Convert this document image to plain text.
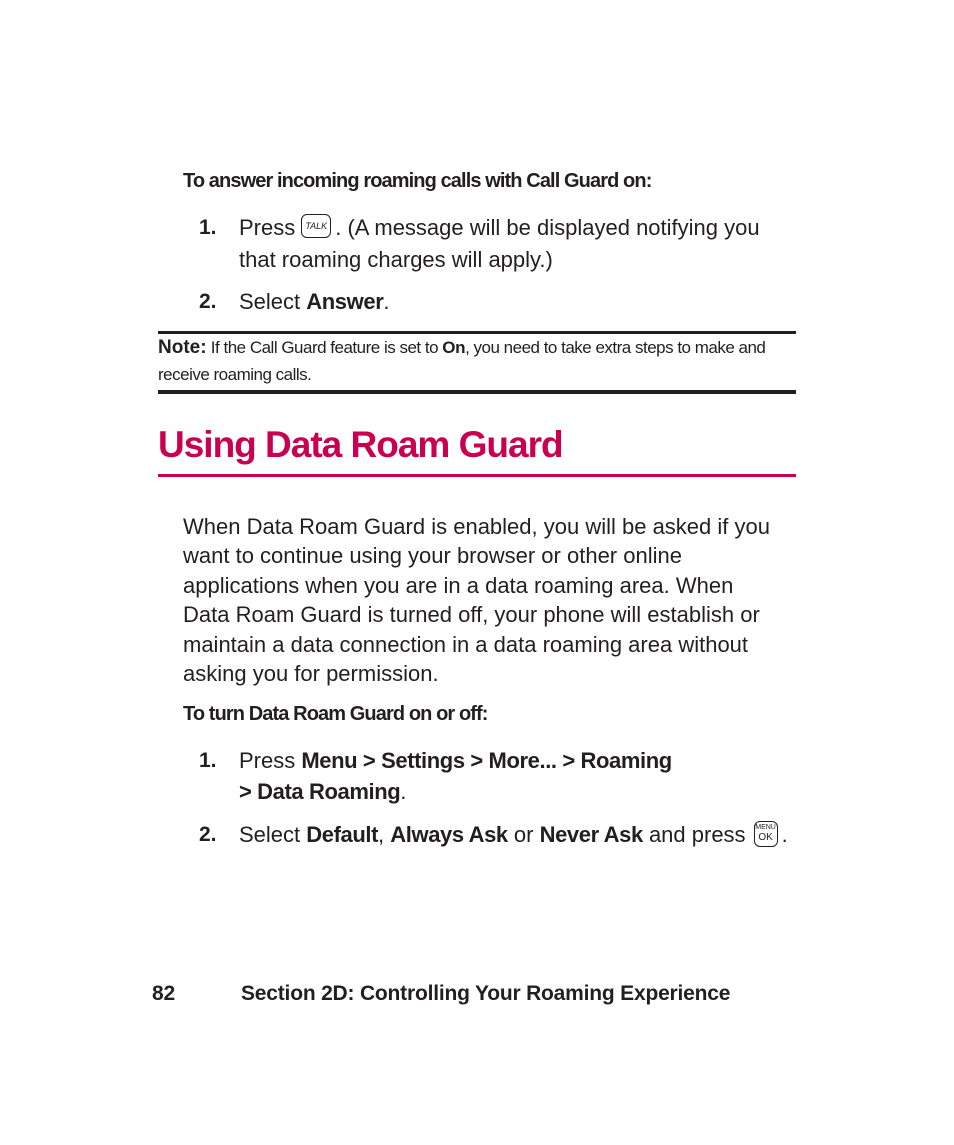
To answer incoming roaming calls with Call Guard on:
1. Press TALK . (A message will be displayed notifying you that roaming charges will apply.)
2. Select Answer.
Note: If the Call Guard feature is set to On, you need to take extra steps to make and receive roaming calls.
Using Data Roam Guard
When Data Roam Guard is enabled, you will be asked if you want to continue using your browser or other online applications when you are in a data roaming area. When Data Roam Guard is turned off, your phone will establish or maintain a data connection in a data roaming area without asking you for permission.
To turn Data Roam Guard on or off:
1. Press Menu > Settings > More... > Roaming > Data Roaming.
2. Select Default, Always Ask or Never Ask and press MENU
OK .
82	Section 2D: Controlling Your Roaming Experience
